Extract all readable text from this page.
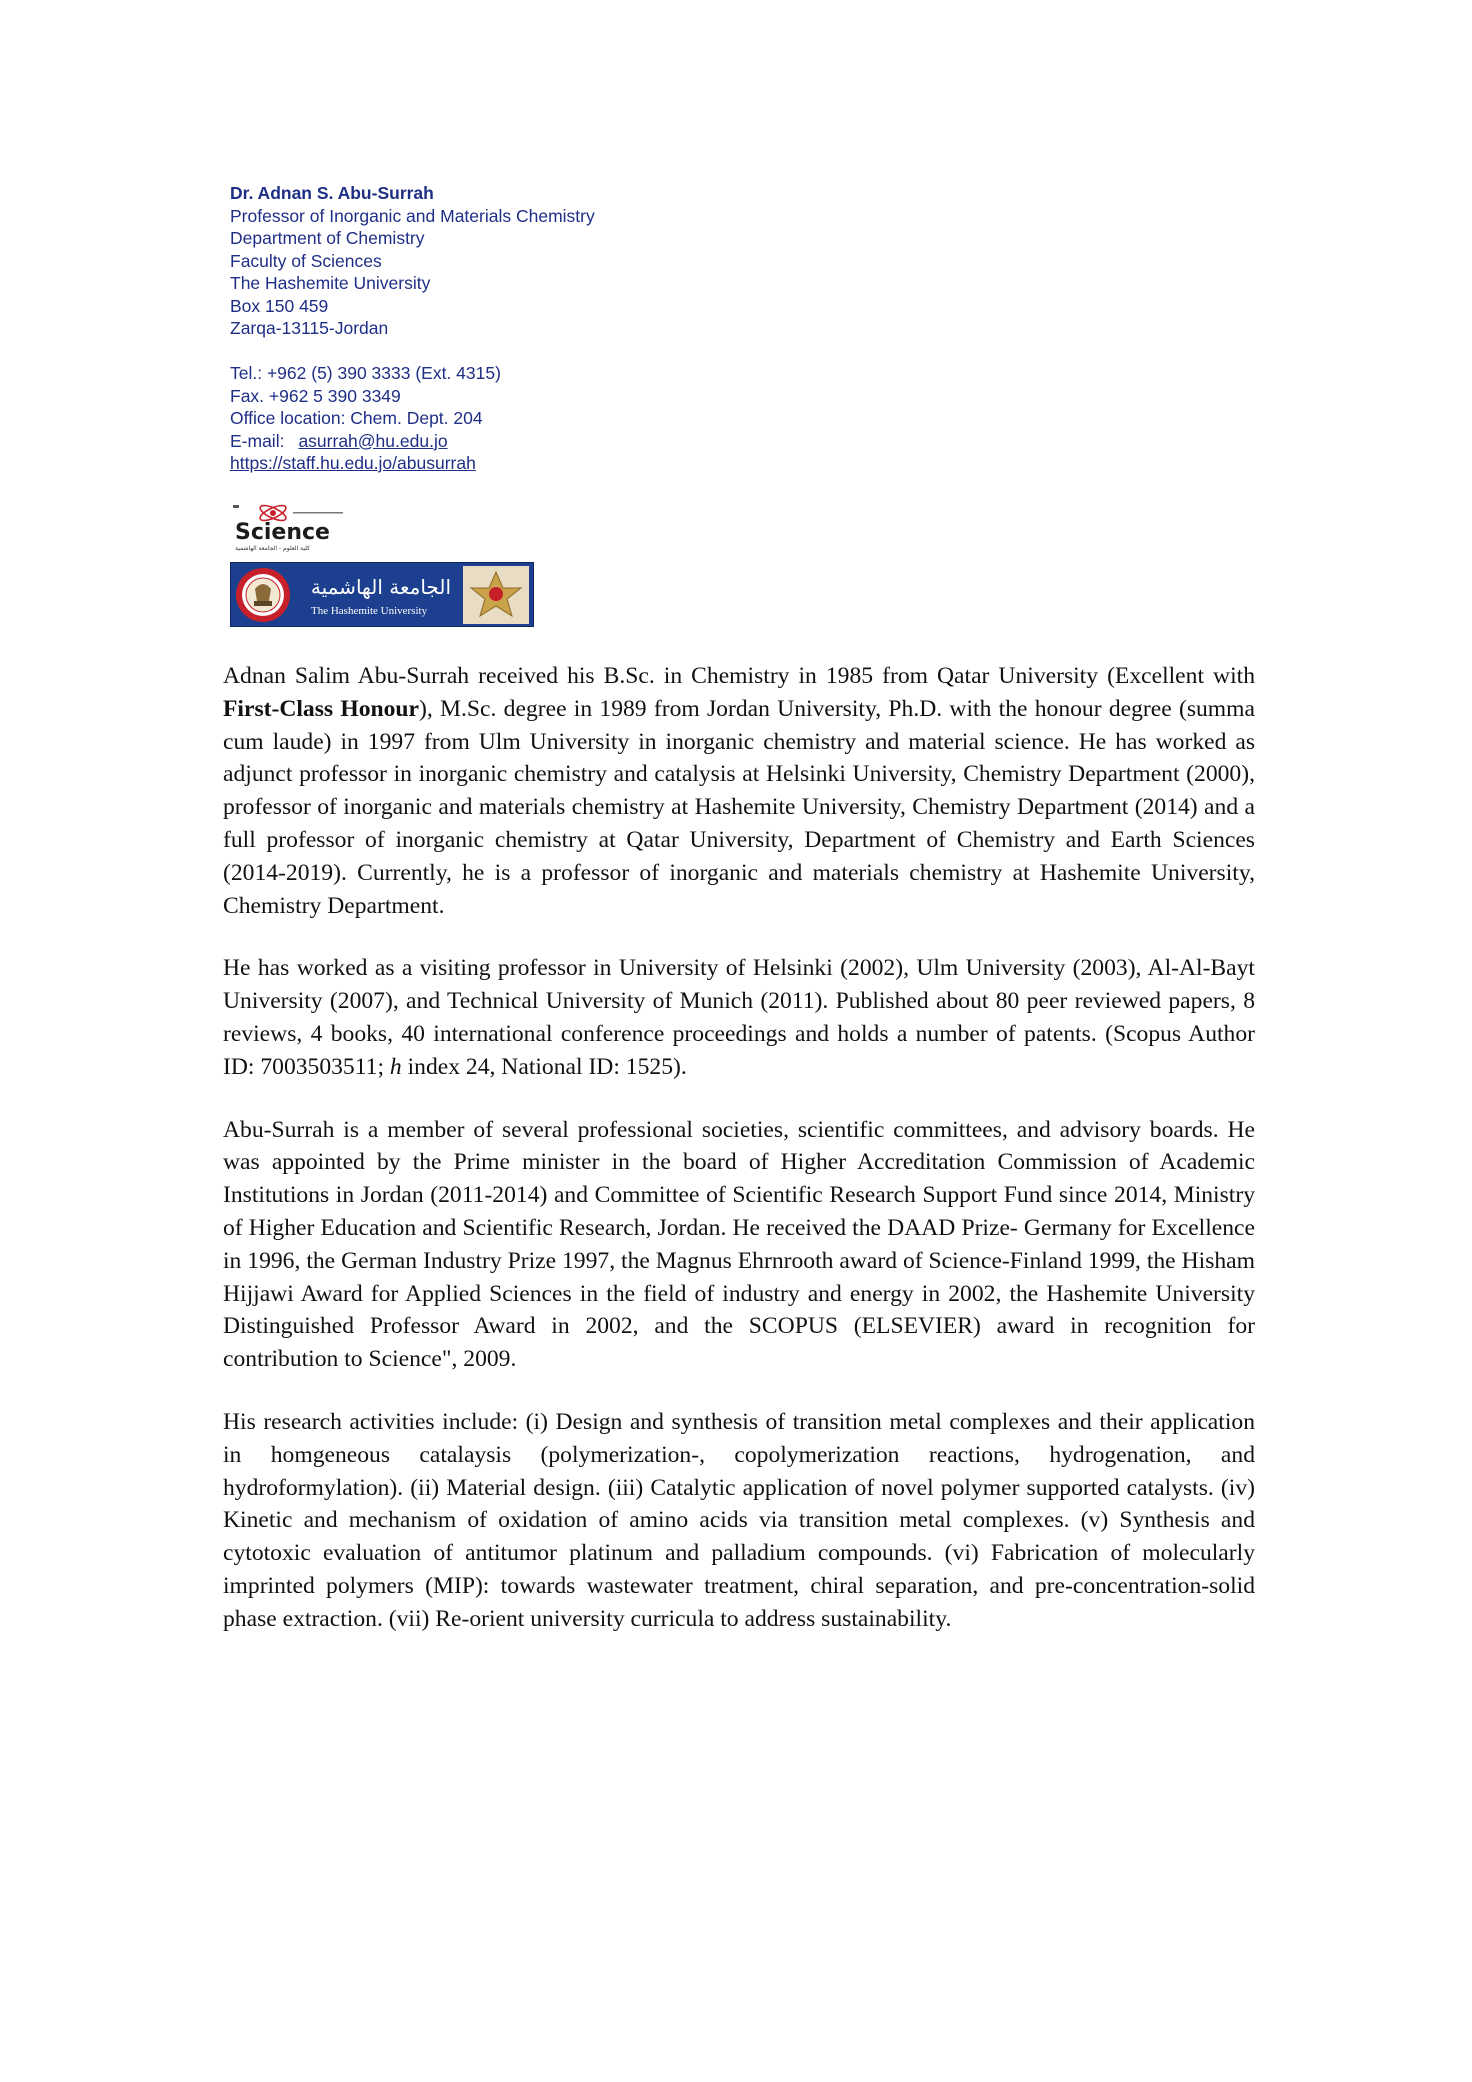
Dr. Adnan S. Abu-Surrah
Professor of Inorganic and Materials Chemistry
Department of Chemistry
Faculty of Sciences
The Hashemite University
Box 150 459
Zarqa-13115-Jordan
Tel.: +962 (5) 390 3333 (Ext. 4315)
Fax. +962 5 390 3349
Office location: Chem. Dept. 204
E-mail: asurrah@hu.edu.jo
https://staff.hu.edu.jo/abusurrah
Science
كلية العلوم - الجامعة الهاشمية
الجامعة الهاشمية
The Hashemite University

Adnan Salim Abu-Surrah received his B.Sc. in Chemistry in 1985 from Qatar University (Excellent with First-Class Honour), M.Sc. degree in 1989 from Jordan University, Ph.D. with the honour degree (summa cum laude) in 1997 from Ulm University in inorganic chemistry and material science. He has worked as adjunct professor in inorganic chemistry and catalysis at Helsinki University, Chemistry Department (2000), professor of inorganic and materials chemistry at Hashemite University, Chemistry Department (2014) and a full professor of inorganic chemistry at Qatar University, Department of Chemistry and Earth Sciences (2014-2019). Currently, he is a professor of inorganic and materials chemistry at Hashemite University, Chemistry Department.

He has worked as a visiting professor in University of Helsinki (2002), Ulm University (2003), Al-Al-Bayt University (2007), and Technical University of Munich (2011). Published about 80 peer reviewed papers, 8 reviews, 4 books, 40 international conference proceedings and holds a number of patents. (Scopus Author ID: 7003503511; h index 24, National ID: 1525).

Abu-Surrah is a member of several professional societies, scientific committees, and advisory boards. He was appointed by the Prime minister in the board of Higher Accreditation Commission of Academic Institutions in Jordan (2011-2014) and Committee of Scientific Research Support Fund since 2014, Ministry of Higher Education and Scientific Research, Jordan. He received the DAAD Prize- Germany for Excellence in 1996, the German Industry Prize 1997, the Magnus Ehrnrooth award of Science-Finland 1999, the Hisham Hijjawi Award for Applied Sciences in the field of industry and energy in 2002, the Hashemite University Distinguished Professor Award in 2002, and the SCOPUS (ELSEVIER) award in recognition for contribution to Science", 2009.

His research activities include: (i) Design and synthesis of transition metal complexes and their application in homgeneous catalaysis (polymerization-, copolymerization reactions, hydrogenation, and hydroformylation). (ii) Material design. (iii) Catalytic application of novel polymer supported catalysts. (iv) Kinetic and mechanism of oxidation of amino acids via transition metal complexes. (v) Synthesis and cytotoxic evaluation of antitumor platinum and palladium compounds. (vi) Fabrication of molecularly imprinted polymers (MIP): towards wastewater treatment, chiral separation, and pre-concentration-solid phase extraction. (vii) Re-orient university curricula to address sustainability.
